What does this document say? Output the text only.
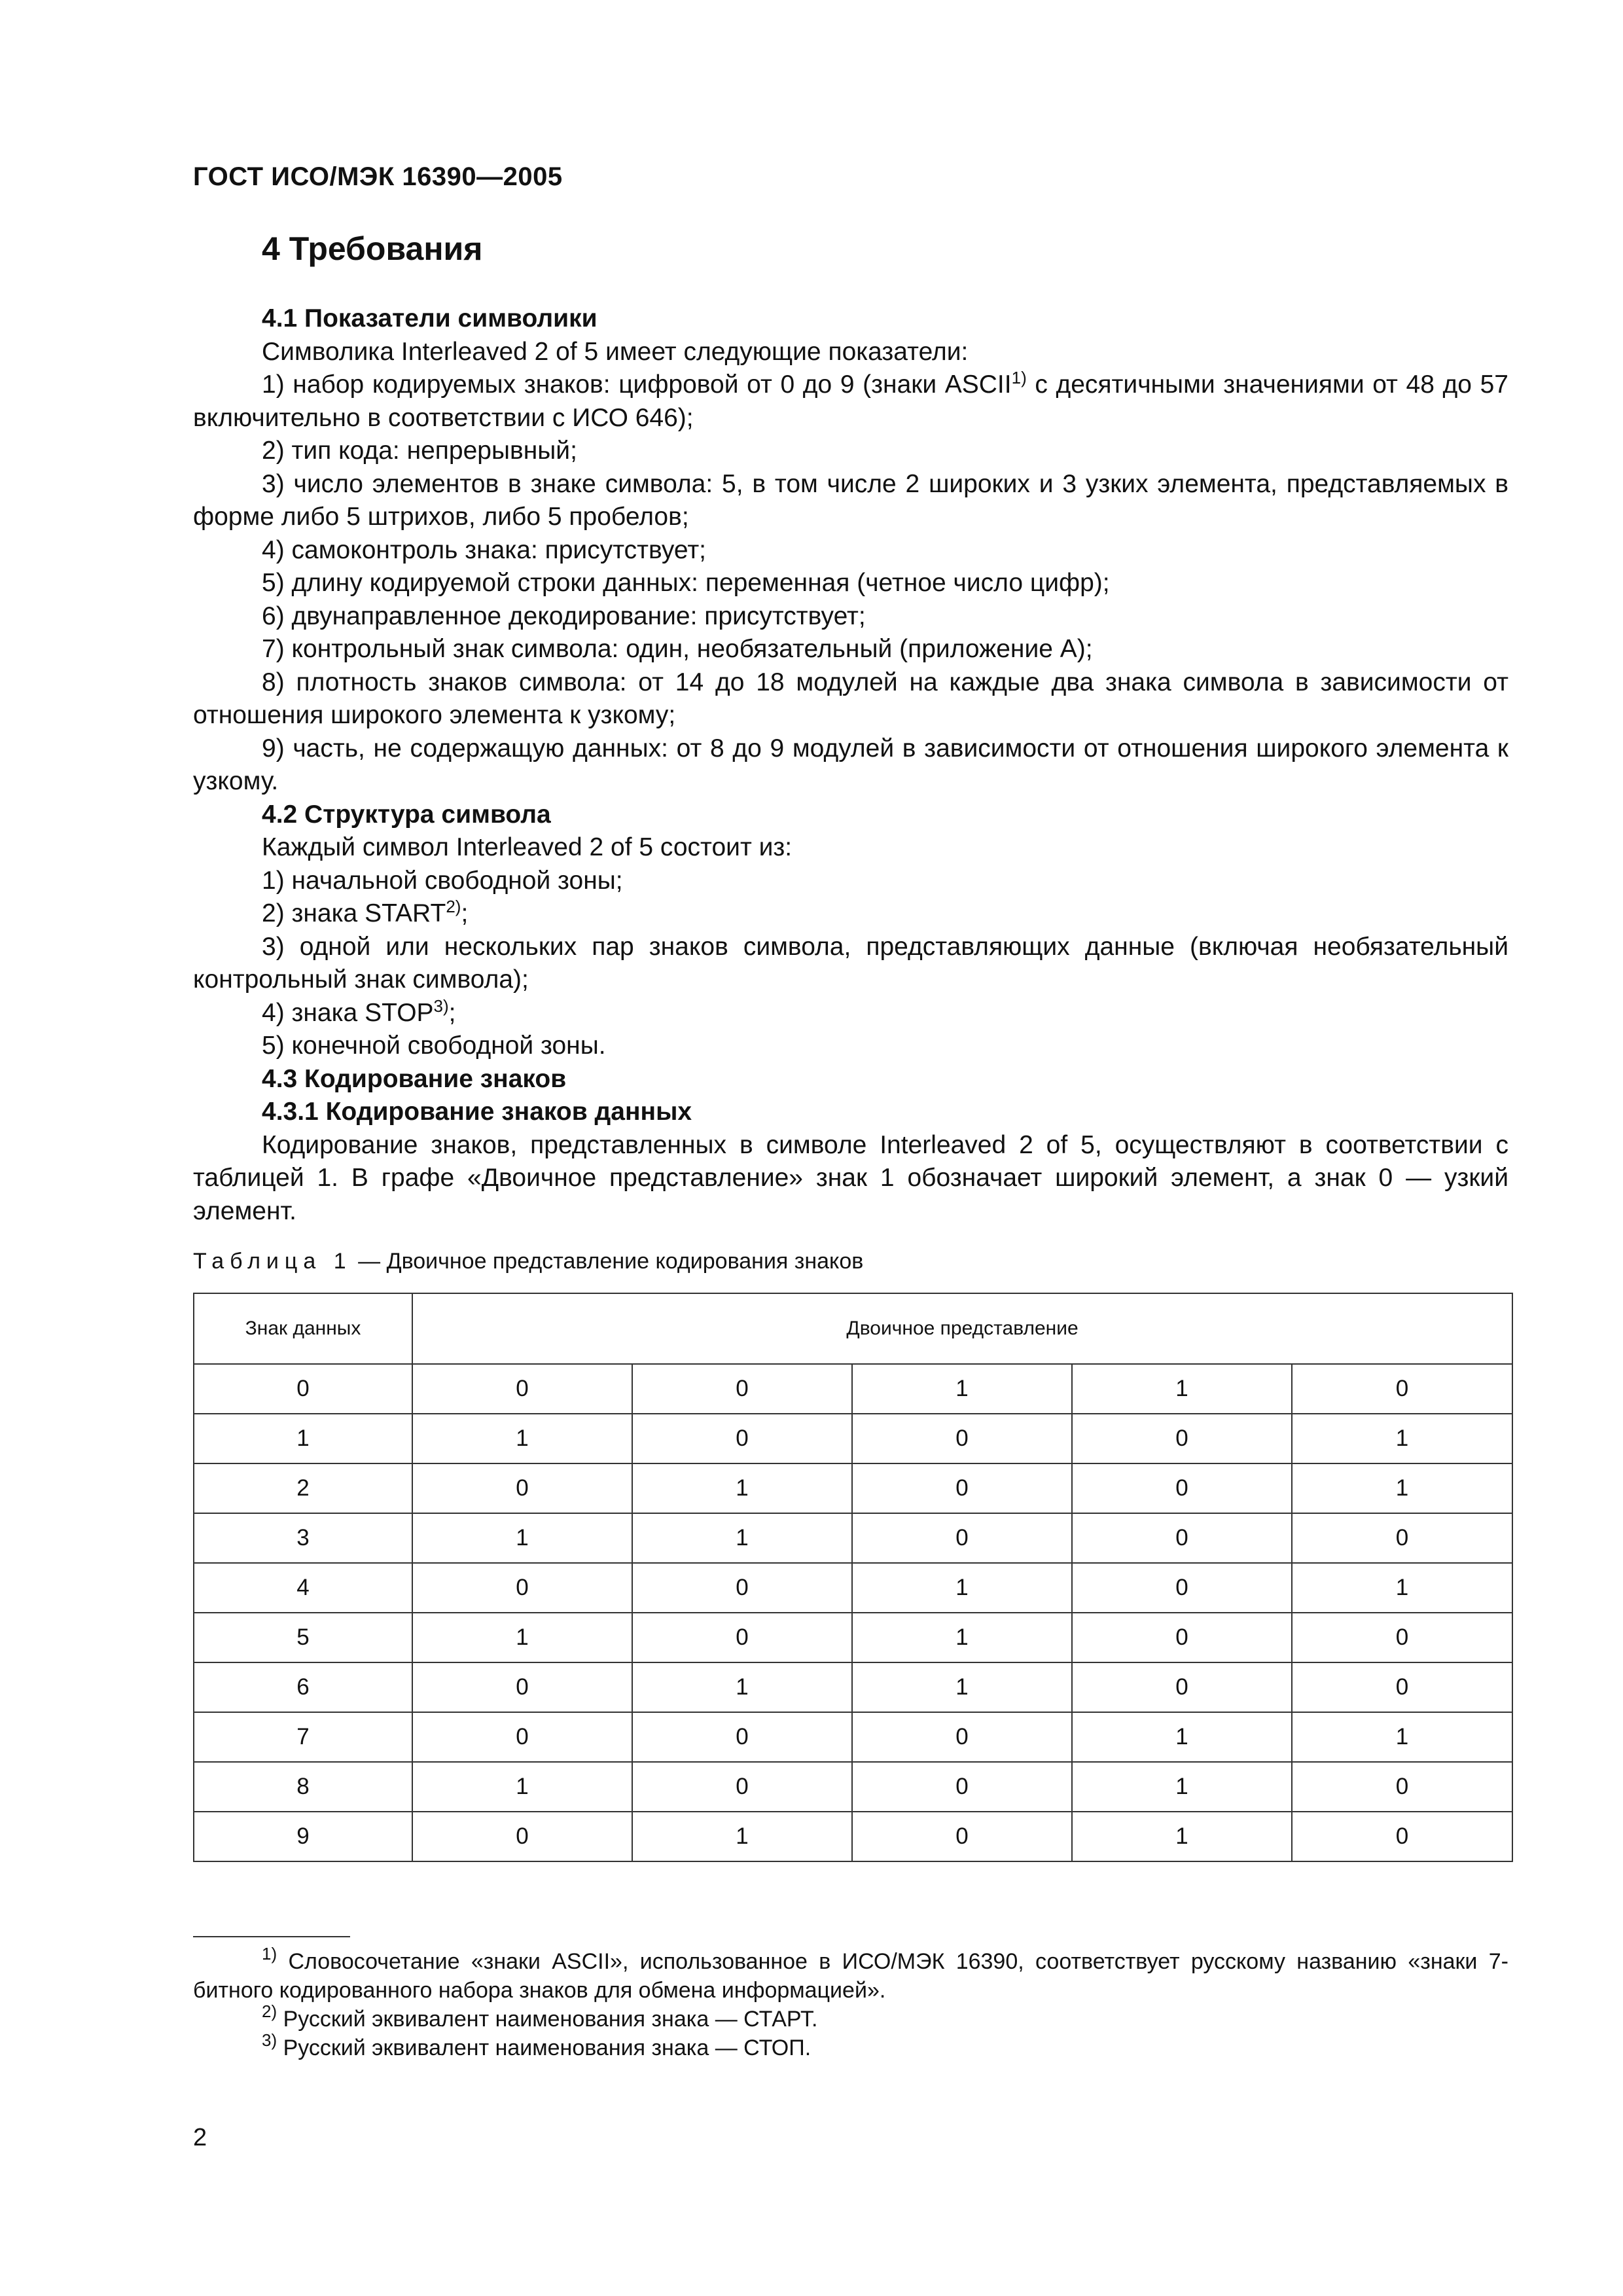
ГОСТ ИСО/МЭК 16390—2005
4 Требования
4.1 Показатели символики
Символика Interleaved 2 of 5 имеет следующие показатели:
1) набор кодируемых знаков: цифровой от 0 до 9 (знаки ASCII$^{1)}$ с десятичными значениями от 48 до 57 включительно в соответствии с ИСО 646);
2) тип кода: непрерывный;
3) число элементов в знаке символа: 5, в том числе 2 широких и 3 узких элемента, представляемых в форме либо 5 штрихов, либо 5 пробелов;
4) самоконтроль знака: присутствует;
5) длину кодируемой строки данных: переменная (четное число цифр);
6) двунаправленное декодирование: присутствует;
7) контрольный знак символа: один, необязательный (приложение А);
8) плотность знаков символа: от 14 до 18 модулей на каждые два знака символа в зависимости от отношения широкого элемента к узкому;
9) часть, не содержащую данных: от 8 до 9 модулей в зависимости от отношения широкого элемента к узкому.
4.2 Структура символа
Каждый символ Interleaved 2 of 5 состоит из:
1) начальной свободной зоны;
2) знака START$^{2)}$;
3) одной или нескольких пар знаков символа, представляющих данные (включая необязательный контрольный знак символа);
4) знака STOP$^{3)}$;
5) конечной свободной зоны.
4.3 Кодирование знаков
4.3.1 Кодирование знаков данных
Кодирование знаков, представленных в символе Interleaved 2 of 5, осуществляют в соответствии с таблицей 1. В графе «Двоичное представление» знак 1 обозначает широкий элемент, а знак 0 — узкий элемент.
Таблица 1 — Двоичное представление кодирования знаков
Знак данных	Двоичное представление				
0	0	0	1	1	0
1	1	0	0	0	1
2	0	1	0	0	1
3	1	1	0	0	0
4	0	0	1	0	1
5	1	0	1	0	0
6	0	1	1	0	0
7	0	0	0	1	1
8	1	0	0	1	0
9	0	1	0	1	0
$^{1)}$ Словосочетание «знаки ASCII», использованное в ИСО/МЭК 16390, соответствует русскому названию «знаки 7-битного кодированного набора знаков для обмена информацией».
$^{2)}$ Русский эквивалент наименования знака — СТАРТ.
$^{3)}$ Русский эквивалент наименования знака — СТОП.
2
